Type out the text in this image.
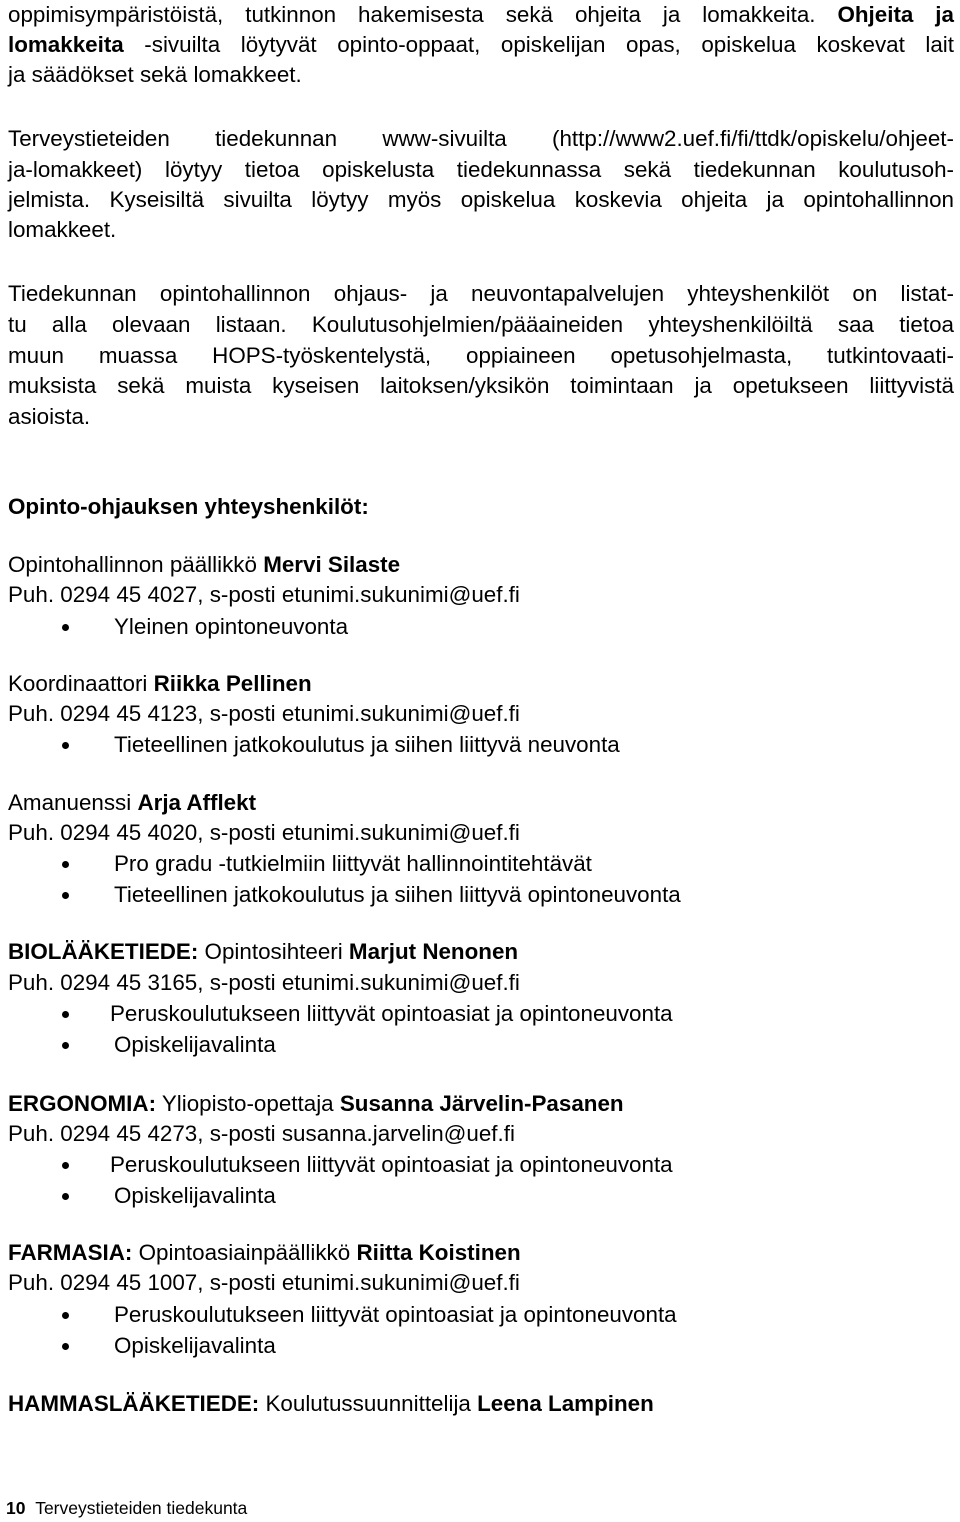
oppimisympäristöistä, tutkinnon hakemisesta sekä ohjeita ja lomakkeita. Ohjeita ja
lomakkeita -sivuilta löytyvät opinto-oppaat, opiskelijan opas, opiskelua koskevat lait
ja säädökset sekä lomakkeet.
Terveystieteiden tiedekunnan www-sivuilta (http://www2.uef.fi/fi/ttdk/opiskelu/ohjeet-
ja-lomakkeet) löytyy tietoa opiskelusta tiedekunnassa sekä tiedekunnan koulutusoh-
jelmista. Kyseisiltä sivuilta löytyy myös opiskelua koskevia ohjeita ja opintohallinnon
lomakkeet.
Tiedekunnan opintohallinnon ohjaus- ja neuvontapalvelujen yhteyshenkilöt on listat-
tu alla olevaan listaan. Koulutusohjelmien/pääaineiden yhteyshenkilöiltä saa tietoa
muun muassa HOPS-työskentelystä, oppiaineen opetusohjelmasta, tutkintovaati-
muksista sekä muista kyseisen laitoksen/yksikön toimintaan ja opetukseen liittyvistä
asioista.
Opinto-ohjauksen yhteyshenkilöt:
Opintohallinnon päällikkö Mervi Silaste
Puh. 0294 45 4027, s-posti etunimi.sukunimi@uef.fi
Yleinen opintoneuvonta
Koordinaattori Riikka Pellinen
Puh. 0294 45 4123, s-posti etunimi.sukunimi@uef.fi
Tieteellinen jatkokoulutus ja siihen liittyvä neuvonta
Amanuenssi Arja Afflekt
Puh. 0294 45 4020, s-posti etunimi.sukunimi@uef.fi
Pro gradu -tutkielmiin liittyvät hallinnointitehtävät
Tieteellinen jatkokoulutus ja siihen liittyvä opintoneuvonta
BIOLÄÄKETIEDE: Opintosihteeri Marjut Nenonen
Puh. 0294 45 3165, s-posti etunimi.sukunimi@uef.fi
Peruskoulutukseen liittyvät opintoasiat ja opintoneuvonta
Opiskelijavalinta
ERGONOMIA: Yliopisto-opettaja Susanna Järvelin-Pasanen
Puh. 0294 45 4273, s-posti susanna.jarvelin@uef.fi
Peruskoulutukseen liittyvät opintoasiat ja opintoneuvonta
Opiskelijavalinta
FARMASIA: Opintoasiainpäällikkö Riitta Koistinen
Puh. 0294 45 1007, s-posti etunimi.sukunimi@uef.fi
Peruskoulutukseen liittyvät opintoasiat ja opintoneuvonta
Opiskelijavalinta
HAMMASLÄÄKETIEDE: Koulutussuunnittelija Leena Lampinen
10 Terveystieteiden tiedekunta
